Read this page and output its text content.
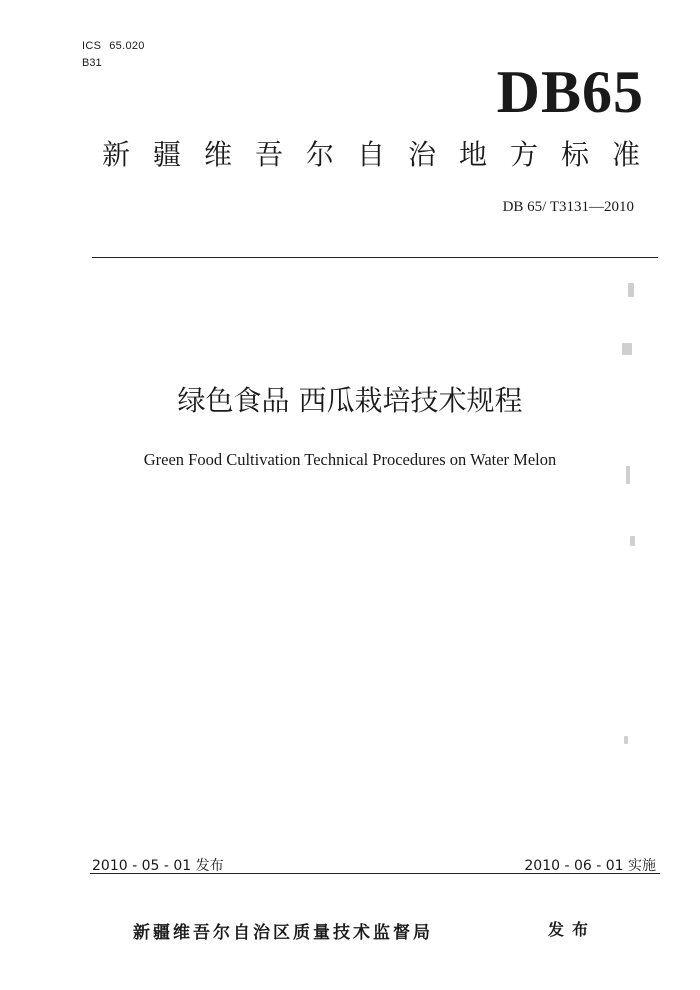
ICS 65.020
B31	DB65
新疆维吾尔自治地方标准
DB 65/ T3131—2010
绿色食品 西瓜栽培技术规程
Green Food Cultivation Technical Procedures on Water Melon
2010 - 05 - 01 发布	2010 - 06 - 01 实施
新疆维吾尔自治区质量技术监督局	发布
